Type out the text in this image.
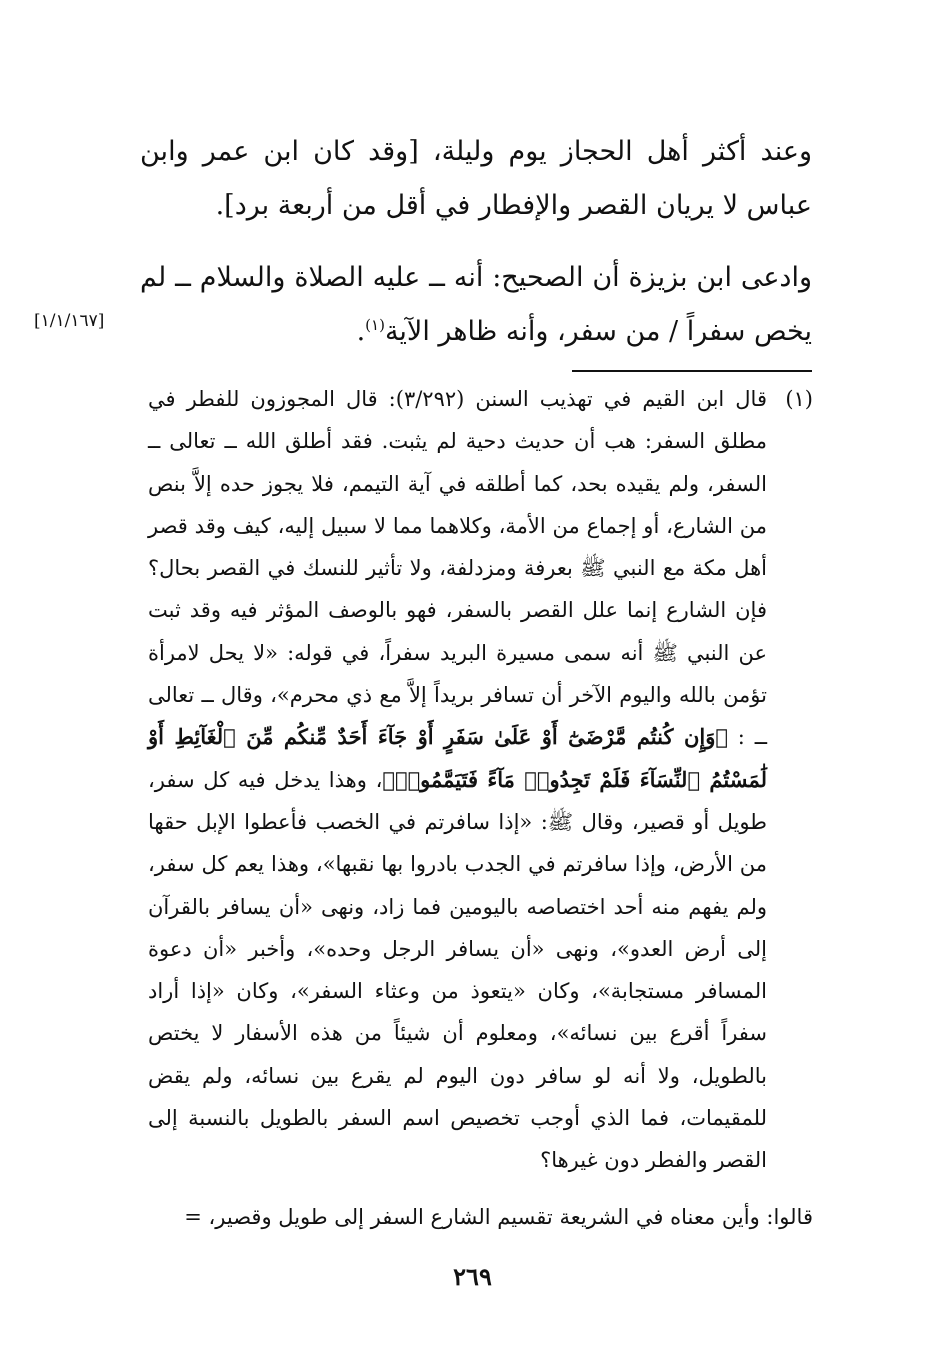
وعند أكثر أهل الحجاز يوم وليلة، [وقد كان ابن عمر وابن عباس لا يريان القصر والإفطار في أقل من أربعة برد].

وادعى ابن بزيزة أن الصحيح: أنه ــ عليه الصلاة والسلام ــ لم يخص سفراً / من سفر، وأنه ظاهر الآية$^{(١)}$.

[١/١/١٦٧]
(١)
قال ابن القيم في تهذيب السنن (٣/٢٩٢): قال المجوزون للفطر في مطلق السفر: هب أن حديث دحية لم يثبت. فقد أطلق الله ــ تعالى ــ السفر، ولم يقيده بحد، كما أطلقه في آية التيمم، فلا يجوز حده إلاَّ بنص من الشارع، أو إجماع من الأمة، وكلاهما مما لا سبيل إليه، كيف وقد قصر أهل مكة مع النبي ﷺ بعرفة ومزدلفة، ولا تأثير للنسك في القصر بحال؟ فإن الشارع إنما علل القصر بالسفر، فهو بالوصف المؤثر فيه وقد ثبت عن النبي ﷺ أنه سمى مسيرة البريد سفراً، في قوله: «لا يحل لامرأة تؤمن بالله واليوم الآخر أن تسافر بريداً إلاَّ مع ذي محرم»، وقال ــ تعالى ــ : ﴿وَإِن كُنتُم مَّرْضَىٰٓ أَوْ عَلَىٰ سَفَرٍ أَوْ جَآءَ أَحَدٌ مِّنكُم مِّنَ ٱلْغَآئِطِ أَوْ لَٰمَسْتُمُ ٱلنِّسَآءَ فَلَمْ تَجِدُوا۟ مَآءً فَتَيَمَّمُوا۟﴾، وهذا يدخل فيه كل سفر، طويل أو قصير، وقال ﷺ: «إذا سافرتم في الخصب فأعطوا الإبل حقها من الأرض، وإذا سافرتم في الجدب بادروا بها نقبها»، وهذا يعم كل سفر، ولم يفهم منه أحد اختصاصه باليومين فما زاد، ونهى «أن يسافر بالقرآن إلى أرض العدو»، ونهى «أن يسافر الرجل وحده»، وأخبر «أن دعوة المسافر مستجابة»، وكان «يتعوذ من وعثاء السفر»، وكان «إذا أراد سفراً أقرع بين نسائه»، ومعلوم أن شيئاً من هذه الأسفار لا يختص بالطويل، ولا أنه لو سافر دون اليوم لم يقرع بين نسائه، ولم يقض للمقيمات، فما الذي أوجب تخصيص اسم السفر بالطويل بالنسبة إلى القصر والفطر دون غيرها؟

قالوا: وأين معناه في الشريعة تقسيم الشارع السفر إلى طويل وقصير، =

٢٦٩
